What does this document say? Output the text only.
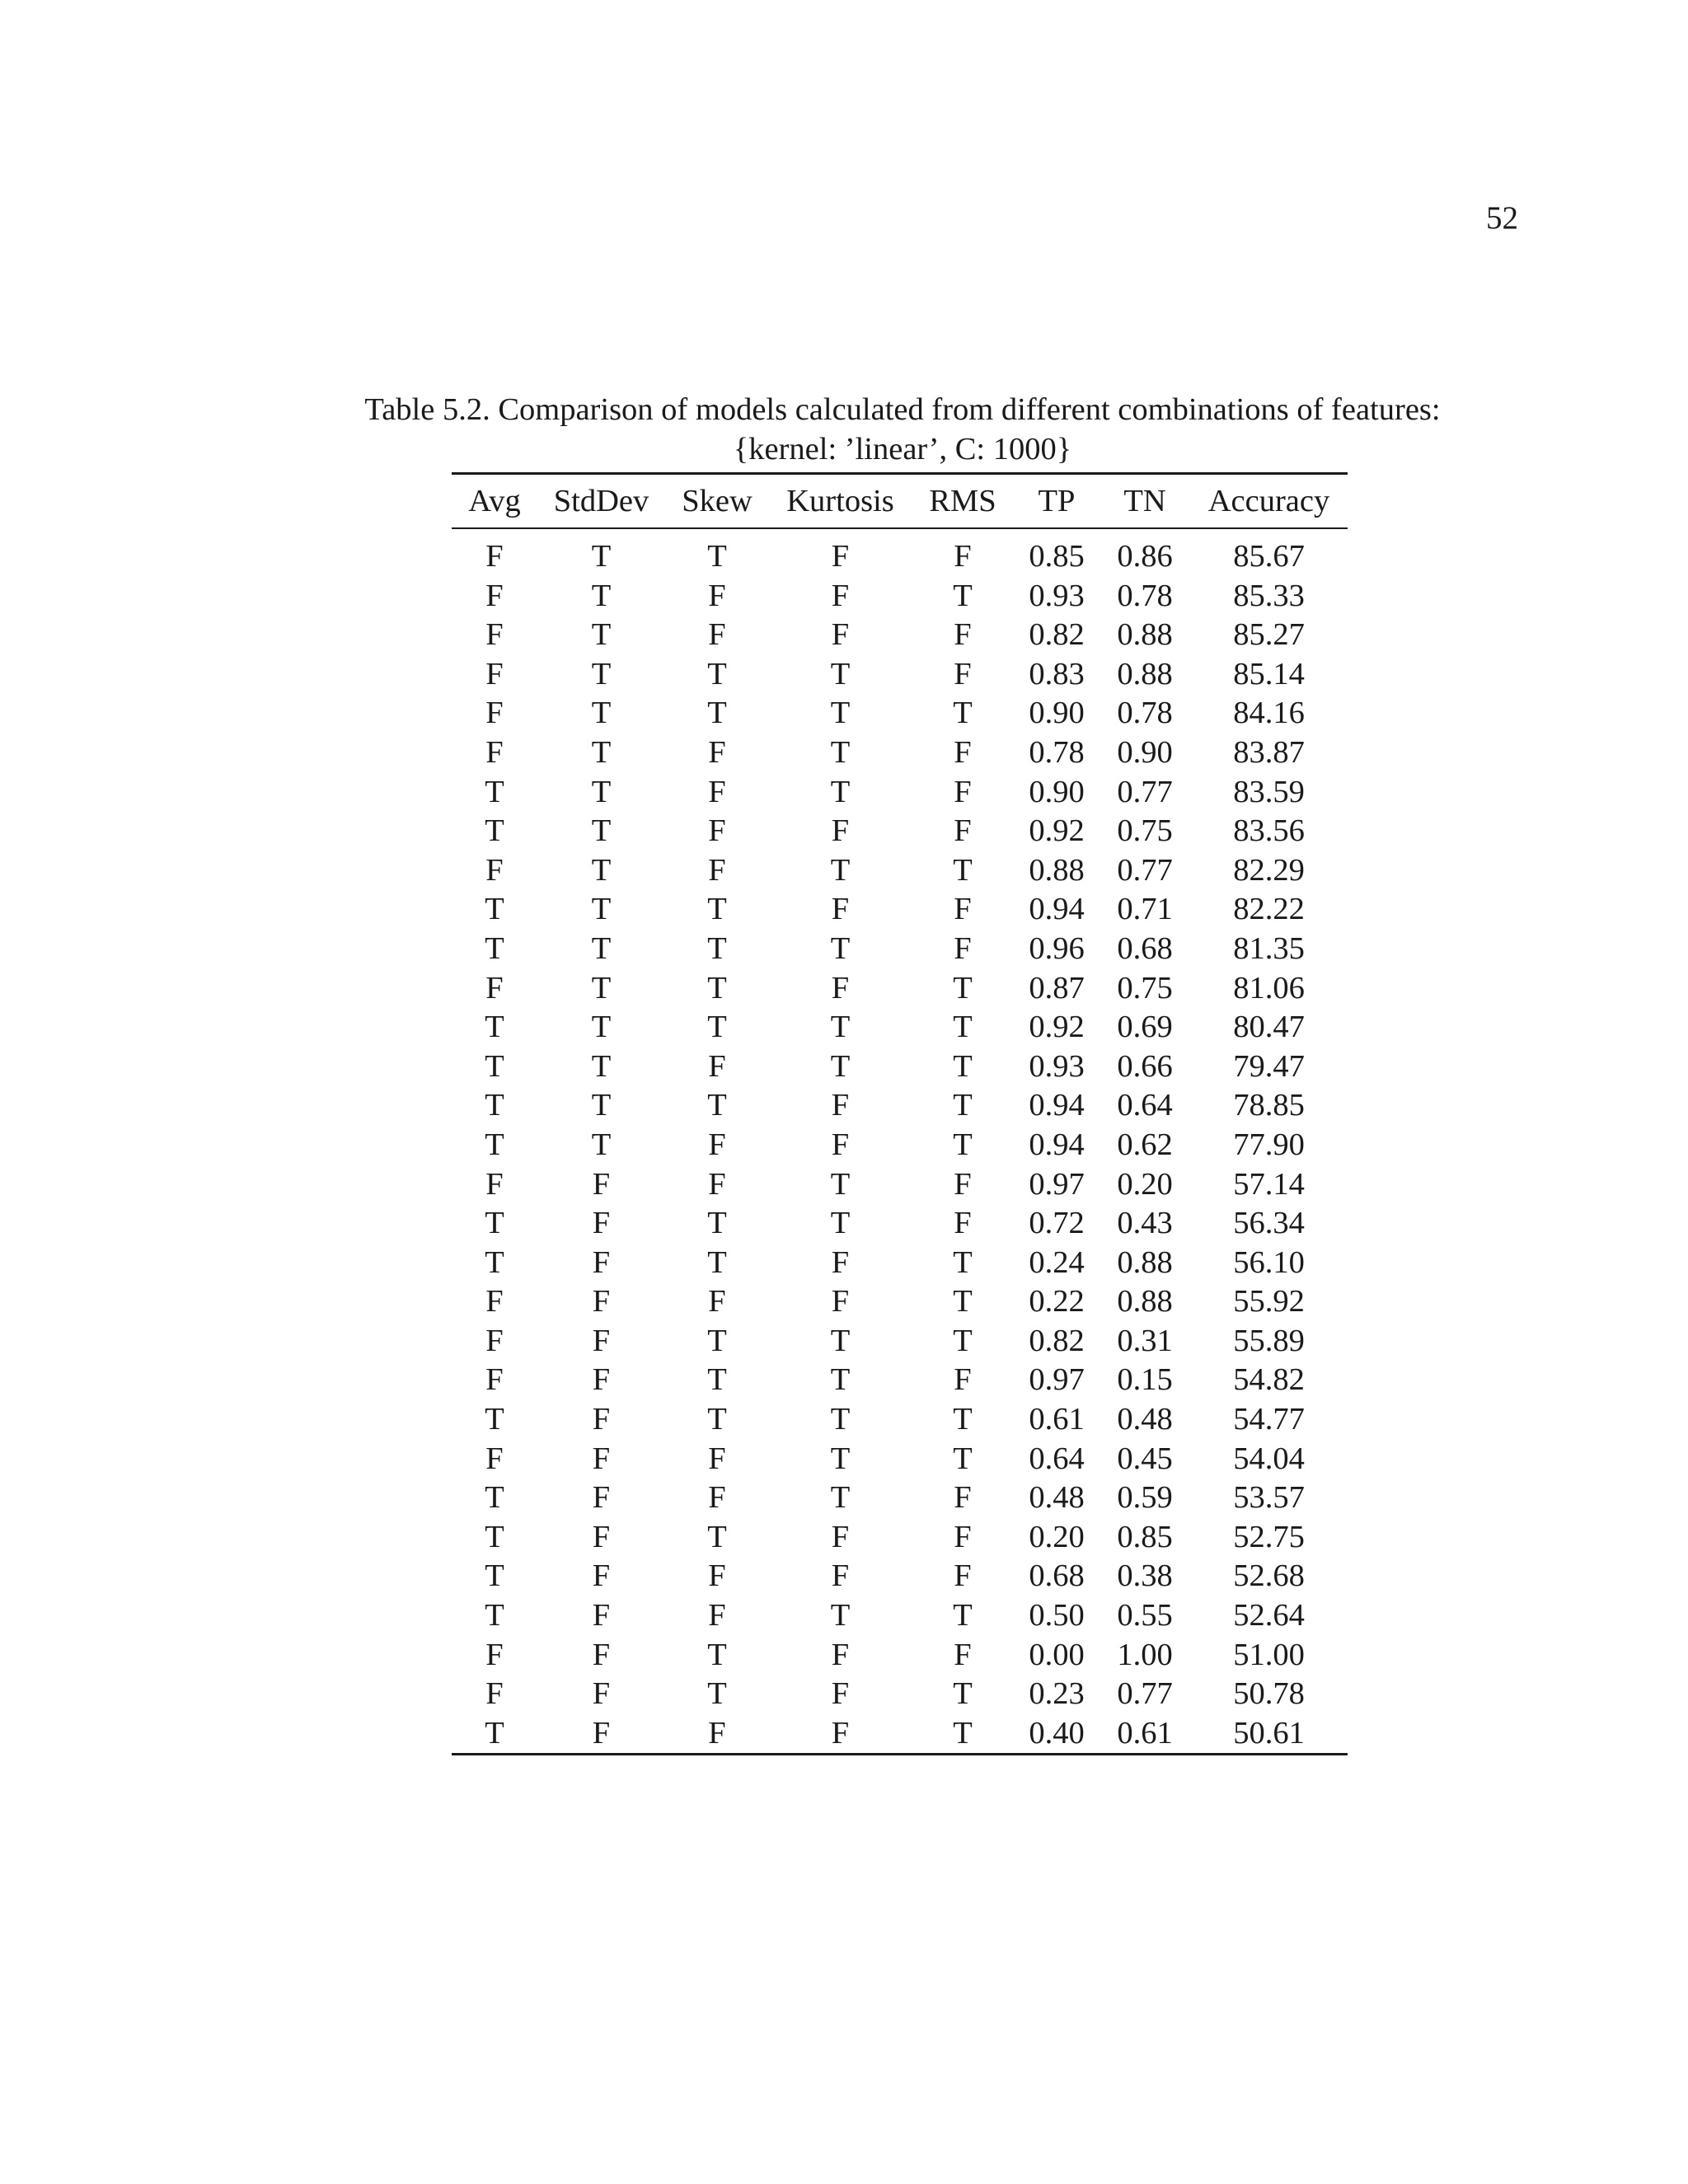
52
Table 5.2. Comparison of models calculated from different combinations of features:
{kernel: ’linear’, C: 1000}
Avg	StdDev	Skew	Kurtosis	RMS	TP	TN	Accuracy
F	T	T	F	F	0.85	0.86	85.67
F	T	F	F	T	0.93	0.78	85.33
F	T	F	F	F	0.82	0.88	85.27
F	T	T	T	F	0.83	0.88	85.14
F	T	T	T	T	0.90	0.78	84.16
F	T	F	T	F	0.78	0.90	83.87
T	T	F	T	F	0.90	0.77	83.59
T	T	F	F	F	0.92	0.75	83.56
F	T	F	T	T	0.88	0.77	82.29
T	T	T	F	F	0.94	0.71	82.22
T	T	T	T	F	0.96	0.68	81.35
F	T	T	F	T	0.87	0.75	81.06
T	T	T	T	T	0.92	0.69	80.47
T	T	F	T	T	0.93	0.66	79.47
T	T	T	F	T	0.94	0.64	78.85
T	T	F	F	T	0.94	0.62	77.90
F	F	F	T	F	0.97	0.20	57.14
T	F	T	T	F	0.72	0.43	56.34
T	F	T	F	T	0.24	0.88	56.10
F	F	F	F	T	0.22	0.88	55.92
F	F	T	T	T	0.82	0.31	55.89
F	F	T	T	F	0.97	0.15	54.82
T	F	T	T	T	0.61	0.48	54.77
F	F	F	T	T	0.64	0.45	54.04
T	F	F	T	F	0.48	0.59	53.57
T	F	T	F	F	0.20	0.85	52.75
T	F	F	F	F	0.68	0.38	52.68
T	F	F	T	T	0.50	0.55	52.64
F	F	T	F	F	0.00	1.00	51.00
F	F	T	F	T	0.23	0.77	50.78
T	F	F	F	T	0.40	0.61	50.61
